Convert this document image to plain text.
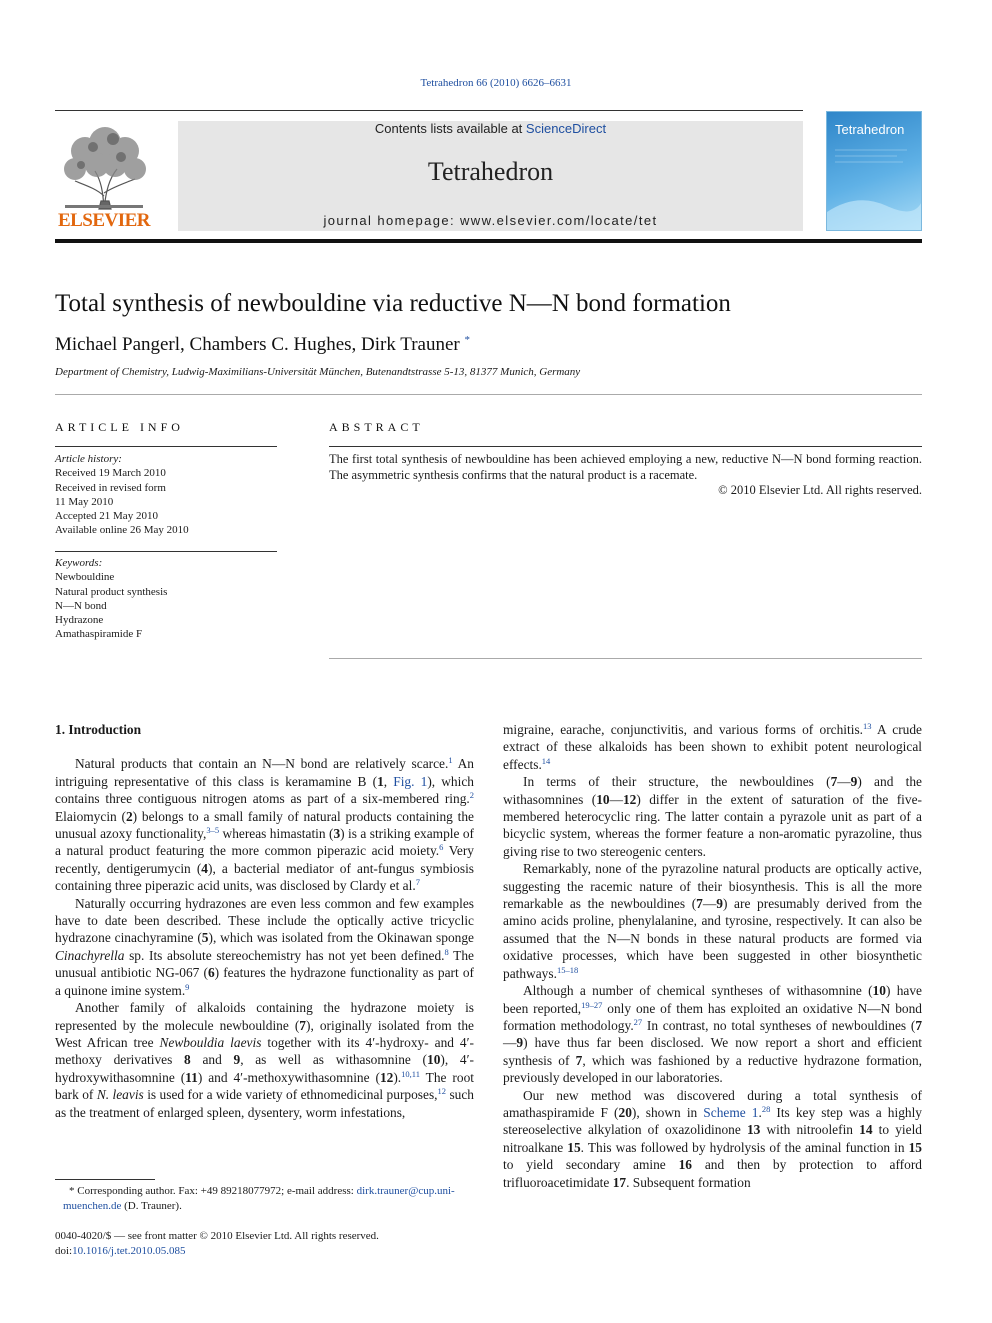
Tetrahedron 66 (2010) 6626–6631
ELSEVIER
Contents lists available at ScienceDirect
Tetrahedron
journal homepage: www.elsevier.com/locate/tet
Tetrahedron
Total synthesis of newbouldine via reductive N—N bond formation
Michael Pangerl, Chambers C. Hughes, Dirk Trauner *
Department of Chemistry, Ludwig-Maximilians-Universität München, Butenandtstrasse 5-13, 81377 Munich, Germany
ARTICLE INFO	ABSTRACT
Article history:
Received 19 March 2010
Received in revised form
11 May 2010
Accepted 21 May 2010
Available online 26 May 2010
Keywords:
Newbouldine
Natural product synthesis
N—N bond
Hydrazone
Amathaspiramide F
The first total synthesis of newbouldine has been achieved employing a new, reductive N—N bond forming reaction. The asymmetric synthesis confirms that the natural product is a racemate.
© 2010 Elsevier Ltd. All rights reserved.

1. Introduction

Natural products that contain an N—N bond are relatively scarce.$^1$ An intriguing representative of this class is keramamine B (1, Fig. 1), which contains three contiguous nitrogen atoms as part of a six-membered ring.$^2$ Elaiomycin (2) belongs to a small family of natural products containing the unusual azoxy functionality,$^{3-5}$ whereas himastatin (3) is a striking example of a natural product featuring the more common piperazic acid moiety.$^6$ Very recently, dentigerumycin (4), a bacterial mediator of ant-fungus symbiosis containing three piperazic acid units, was disclosed by Clardy et al.$^7$

Naturally occurring hydrazones are even less common and few examples have to date been described. These include the optically active tricyclic hydrazone cinachyramine (5), which was isolated from the Okinawan sponge Cinachyrella sp. Its absolute stereochemistry has not yet been defined.$^8$ The unusual antibiotic NG-067 (6) features the hydrazone functionality as part of a quinone imine system.$^9$

Another family of alkaloids containing the hydrazone moiety is represented by the molecule newbouldine (7), originally isolated from the West African tree Newbouldia laevis together with its 4′-hydroxy- and 4′-methoxy derivatives 8 and 9, as well as withasomnine (10), 4′-hydroxywithasomnine (11) and 4′-methoxywithasomnine (12).$^{10,11}$ The root bark of N. leavis is used for a wide variety of ethnomedicinal purposes,$^{12}$ such as the treatment of enlarged spleen, dysentery, worm infestations,

migraine, earache, conjunctivitis, and various forms of orchitis.$^{13}$ A crude extract of these alkaloids has been shown to exhibit potent neurological effects.$^{14}$

In terms of their structure, the newbouldines (7—9) and the withasomnines (10—12) differ in the extent of saturation of the five-membered heterocyclic ring. The latter contain a pyrazole unit as part of a bicyclic system, whereas the former feature a non-aromatic pyrazoline, thus giving rise to two stereogenic centers.

Remarkably, none of the pyrazoline natural products are optically active, suggesting the racemic nature of their biosynthesis. This is all the more remarkable as the newbouldines (7—9) are presumably derived from the amino acids proline, phenylalanine, and tyrosine, respectively. It can also be assumed that the N—N bonds in these natural products are formed via oxidative processes, which have been suggested in other biosynthetic pathways.$^{15-18}$

Although a number of chemical syntheses of withasomnine (10) have been reported,$^{19-27}$ only one of them has exploited an oxidative N—N bond formation methodology.$^{27}$ In contrast, no total syntheses of newbouldines (7—9) have thus far been disclosed. We now report a short and efficient synthesis of 7, which was fashioned by a reductive hydrazone formation, previously developed in our laboratories.

Our new method was discovered during a total synthesis of amathaspiramide F (20), shown in Scheme 1.28 Its key step was a highly stereoselective alkylation of oxazolidinone 13 with nitroolefin 14 to yield nitroalkane 15. This was followed by hydrolysis of the aminal function in 15 to yield secondary amine 16 and then by protection to afford trifluoroacetimidate 17. Subsequent formation

* Corresponding author. Fax: +49 89218077972; e-mail address: dirk.trauner@cup.uni-muenchen.de (D. Trauner).
0040-4020/$ — see front matter © 2010 Elsevier Ltd. All rights reserved.
doi:10.1016/j.tet.2010.05.085
